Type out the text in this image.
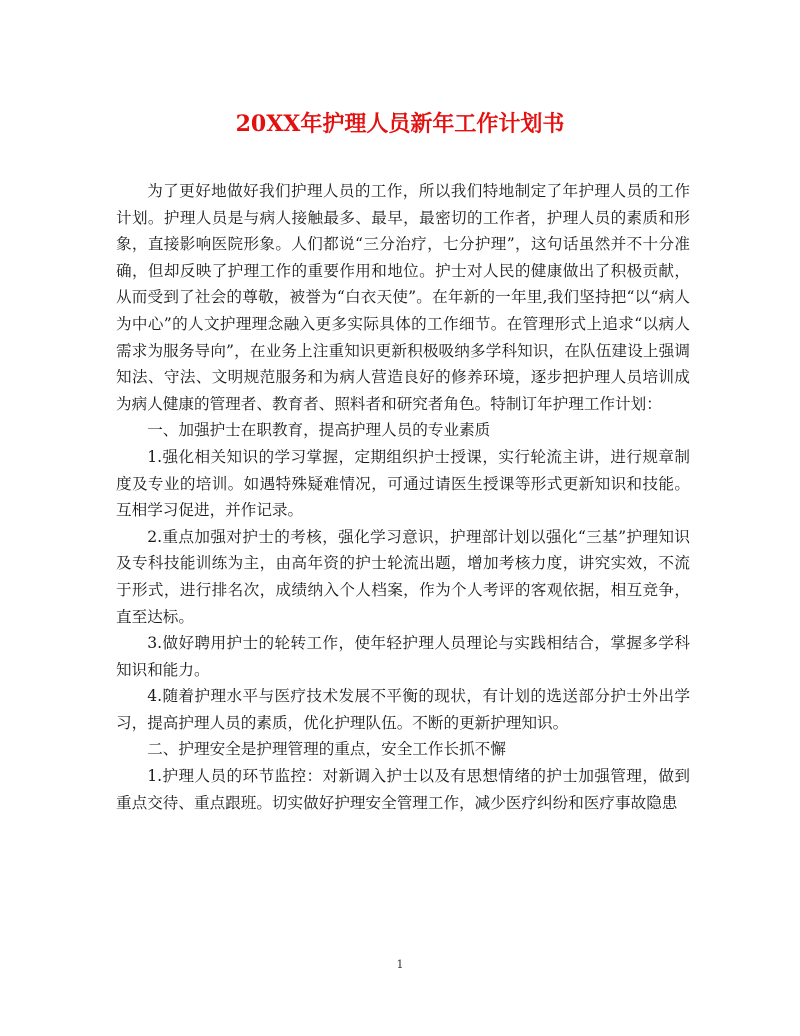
20XX年护理人员新年工作计划书

为了更好地做好我们护理人员的工作，所以我们特地制定了年护理人员的工作计划。护理人员是与病人接触最多、最早，最密切的工作者，护理人员的素质和形象，直接影响医院形象。人们都说“三分治疗，七分护理”，这句话虽然并不十分准确，但却反映了护理工作的重要作用和地位。护士对人民的健康做出了积极贡献，从而受到了社会的尊敬，被誉为“白衣天使”。在年新的一年里,我们坚持把“以“病人为中心”的人文护理理念融入更多实际具体的工作细节。在管理形式上追求“以病人需求为服务导向”，在业务上注重知识更新积极吸纳多学科知识，在队伍建设上强调知法、守法、文明规范服务和为病人营造良好的修养环境，逐步把护理人员培训成为病人健康的管理者、教育者、照料者和研究者角色。特制订年护理工作计划：

一、加强护士在职教育，提高护理人员的专业素质

1.强化相关知识的学习掌握，定期组织护士授课，实行轮流主讲，进行规章制度及专业的培训。如遇特殊疑难情况，可通过请医生授课等形式更新知识和技能。互相学习促进，并作记录。

2.重点加强对护士的考核，强化学习意识，护理部计划以强化“三基”护理知识及专科技能训练为主，由高年资的护士轮流出题，增加考核力度，讲究实效，不流于形式，进行排名次，成绩纳入个人档案，作为个人考评的客观依据，相互竞争，直至达标。

3.做好聘用护士的轮转工作，使年轻护理人员理论与实践相结合，掌握多学科知识和能力。

4.随着护理水平与医疗技术发展不平衡的现状，有计划的选送部分护士外出学习，提高护理人员的素质，优化护理队伍。不断的更新护理知识。

二、护理安全是护理管理的重点，安全工作长抓不懈

1.护理人员的环节监控：对新调入护士以及有思想情绪的护士加强管理，做到重点交待、重点跟班。切实做好护理安全管理工作，减少医疗纠纷和医疗事故隐患

1
